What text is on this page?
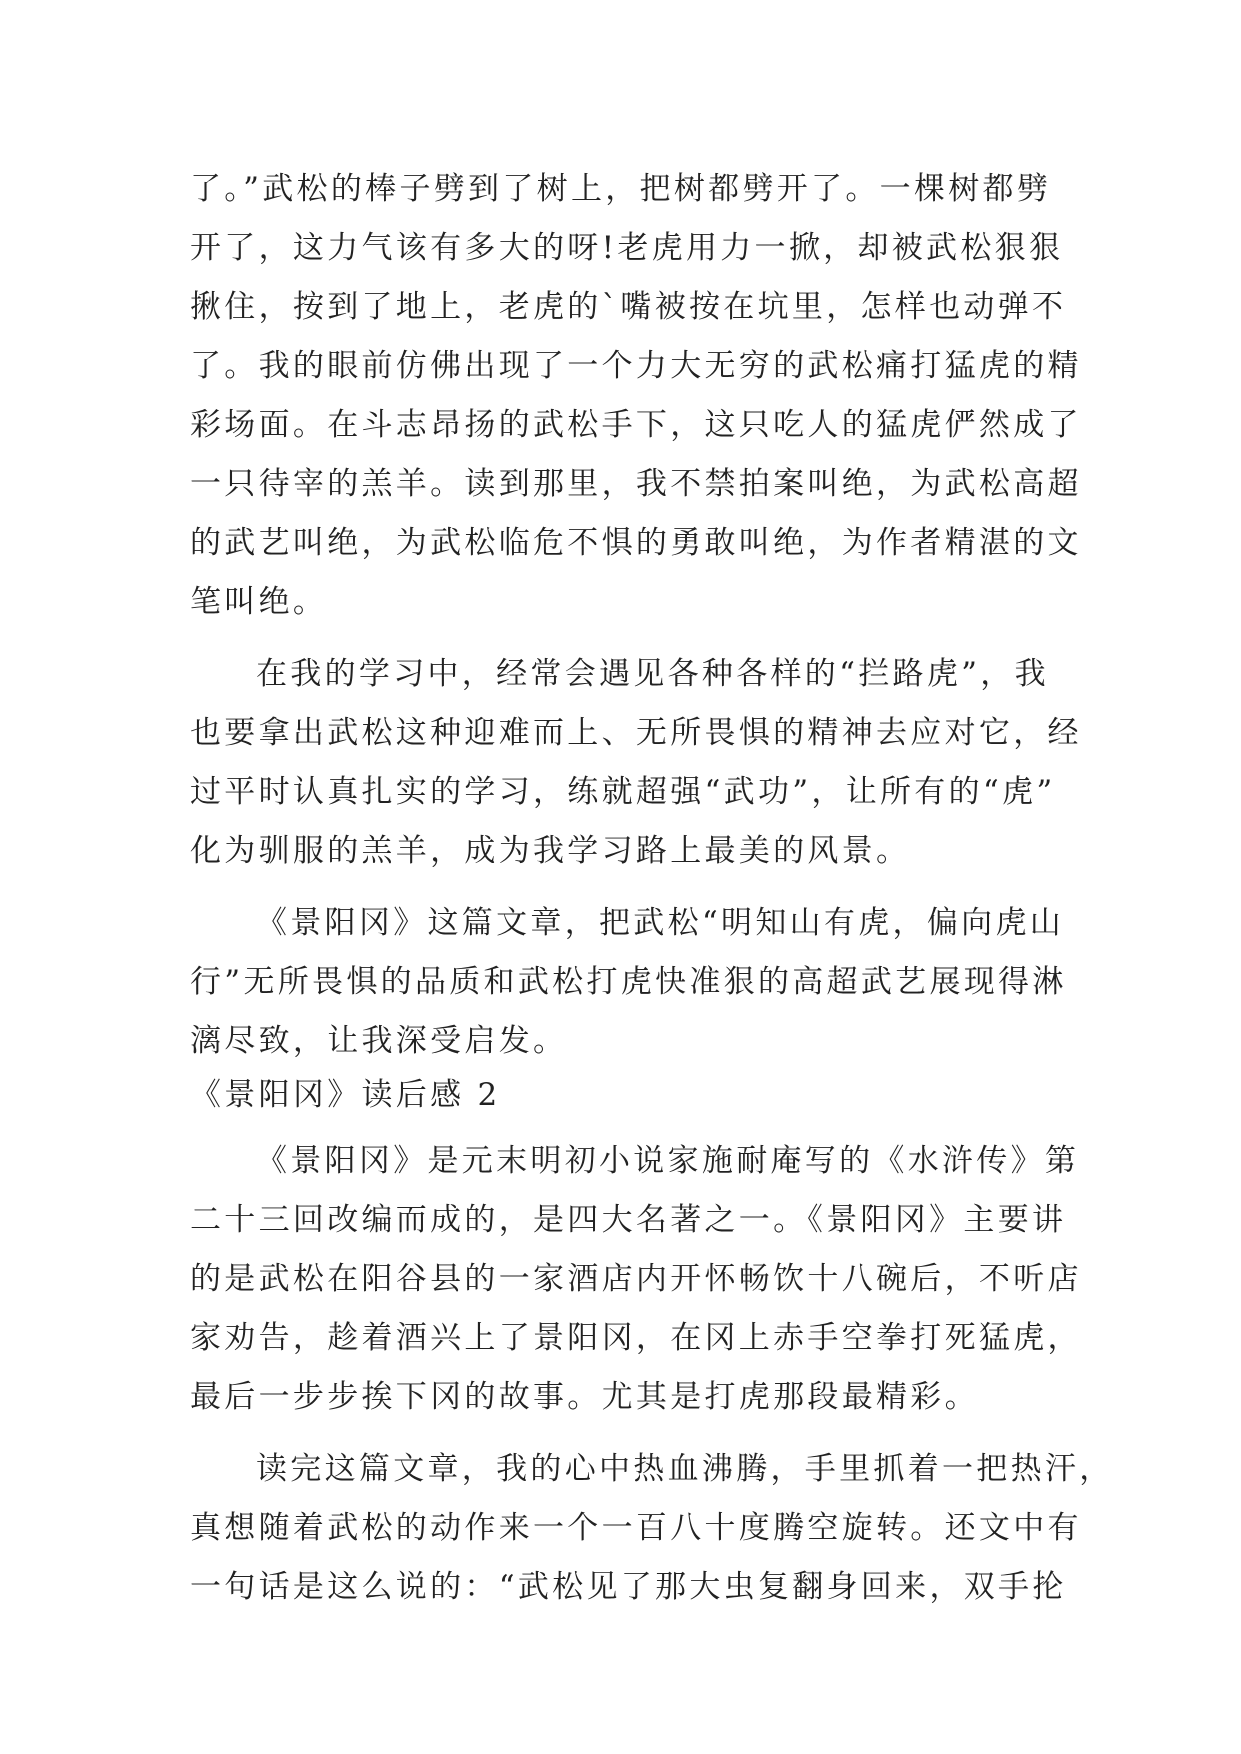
了。”武松的棒子劈到了树上，把树都劈开了。一棵树都劈
开了，这力气该有多大的呀!老虎用力一掀，却被武松狠狠
揪住，按到了地上，老虎的`嘴被按在坑里，怎样也动弹不
了。我的眼前仿佛出现了一个力大无穷的武松痛打猛虎的精
彩场面。在斗志昂扬的武松手下，这只吃人的猛虎俨然成了
一只待宰的羔羊。读到那里，我不禁拍案叫绝，为武松高超
的武艺叫绝，为武松临危不惧的勇敢叫绝，为作者精湛的文
笔叫绝。
在我的学习中，经常会遇见各种各样的“拦路虎”，我
也要拿出武松这种迎难而上、无所畏惧的精神去应对它，经
过平时认真扎实的学习，练就超强“武功”，让所有的“虎”
化为驯服的羔羊，成为我学习路上最美的风景。
《景阳冈》这篇文章，把武松“明知山有虎，偏向虎山
行”无所畏惧的品质和武松打虎快准狠的高超武艺展现得淋
漓尽致，让我深受启发。
《景阳冈》读后感 2
《景阳冈》是元末明初小说家施耐庵写的《水浒传》第
二十三回改编而成的，是四大名著之一。《景阳冈》主要讲
的是武松在阳谷县的一家酒店内开怀畅饮十八碗后，不听店
家劝告，趁着酒兴上了景阳冈，在冈上赤手空拳打死猛虎，
最后一步步挨下冈的故事。尤其是打虎那段最精彩。
读完这篇文章，我的心中热血沸腾，手里抓着一把热汗，
真想随着武松的动作来一个一百八十度腾空旋转。还文中有
一句话是这么说的：“武松见了那大虫复翻身回来，双手抡
